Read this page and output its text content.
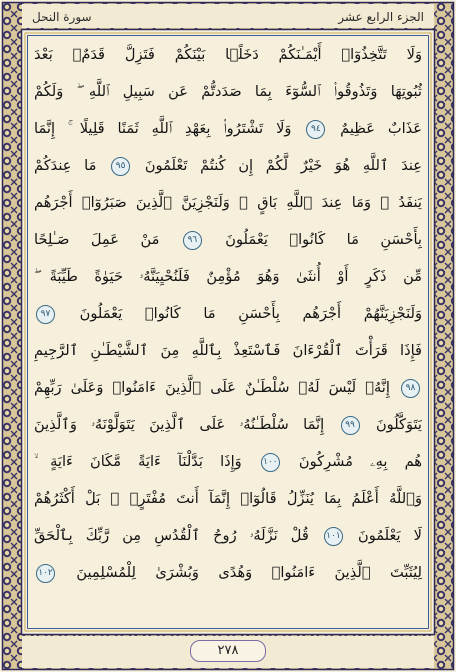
الجزء الرابع عشر
سورة النحل
وَلَا تَتَّخِذُوٓا۟ أَيْمَـٰنَكُمْ دَخَلًۢا بَيْنَكُمْ فَتَزِلَّ قَدَمٌۢ بَعْدَ
ثُبُوتِهَا وَتَذُوقُوا۟ ٱلسُّوٓءَ بِمَا صَدَدتُّمْ عَن سَبِيلِ ٱللَّهِ ۖ وَلَكُمْ
عَذَابٌ عَظِيمٌ ٩٤ وَلَا تَشْتَرُوا۟ بِعَهْدِ ٱللَّهِ ثَمَنًا قَلِيلًا ۚ إِنَّمَا
عِندَ ٱللَّهِ هُوَ خَيْرٌ لَّكُمْ إِن كُنتُمْ تَعْلَمُونَ ٩٥ مَا عِندَكُمْ
يَنفَدُ ۖ وَمَا عِندَ ٱللَّهِ بَاقٍ ۗ وَلَنَجْزِيَنَّ ٱلَّذِينَ صَبَرُوٓا۟ أَجْرَهُم
بِأَحْسَنِ مَا كَانُوا۟ يَعْمَلُونَ ٩٦ مَنْ عَمِلَ صَـٰلِحًا
مِّن ذَكَرٍ أَوْ أُنثَىٰ وَهُوَ مُؤْمِنٌ فَلَنُحْيِيَنَّهُۥ حَيَوٰةً طَيِّبَةً ۖ
وَلَنَجْزِيَنَّهُمْ أَجْرَهُم بِأَحْسَنِ مَا كَانُوا۟ يَعْمَلُونَ ٩٧
فَإِذَا قَرَأْتَ ٱلْقُرْءَانَ فَٱسْتَعِذْ بِٱللَّهِ مِنَ ٱلشَّيْطَـٰنِ ٱلرَّجِيمِ
٩٨ إِنَّهُۥ لَيْسَ لَهُۥ سُلْطَـٰنٌ عَلَى ٱلَّذِينَ ءَامَنُوا۟ وَعَلَىٰ رَبِّهِمْ
يَتَوَكَّلُونَ ٩٩ إِنَّمَا سُلْطَـٰنُهُۥ عَلَى ٱلَّذِينَ يَتَوَلَّوْنَهُۥ وَٱلَّذِينَ
هُم بِهِۦ مُشْرِكُونَ ١٠٠ وَإِذَا بَدَّلْنَآ ءَايَةً مَّكَانَ ءَايَةٍ ۙ
وَٱللَّهُ أَعْلَمُ بِمَا يُنَزِّلُ قَالُوٓا۟ إِنَّمَآ أَنتَ مُفْتَرٍۭ ۚ بَلْ أَكْثَرُهُمْ
لَا يَعْلَمُونَ ١٠١ قُلْ نَزَّلَهُۥ رُوحُ ٱلْقُدُسِ مِن رَّبِّكَ بِٱلْحَقِّ
لِيُثَبِّتَ ٱلَّذِينَ ءَامَنُوا۟ وَهُدًى وَبُشْرَىٰ لِلْمُسْلِمِينَ ١٠٢
٢٧٨
